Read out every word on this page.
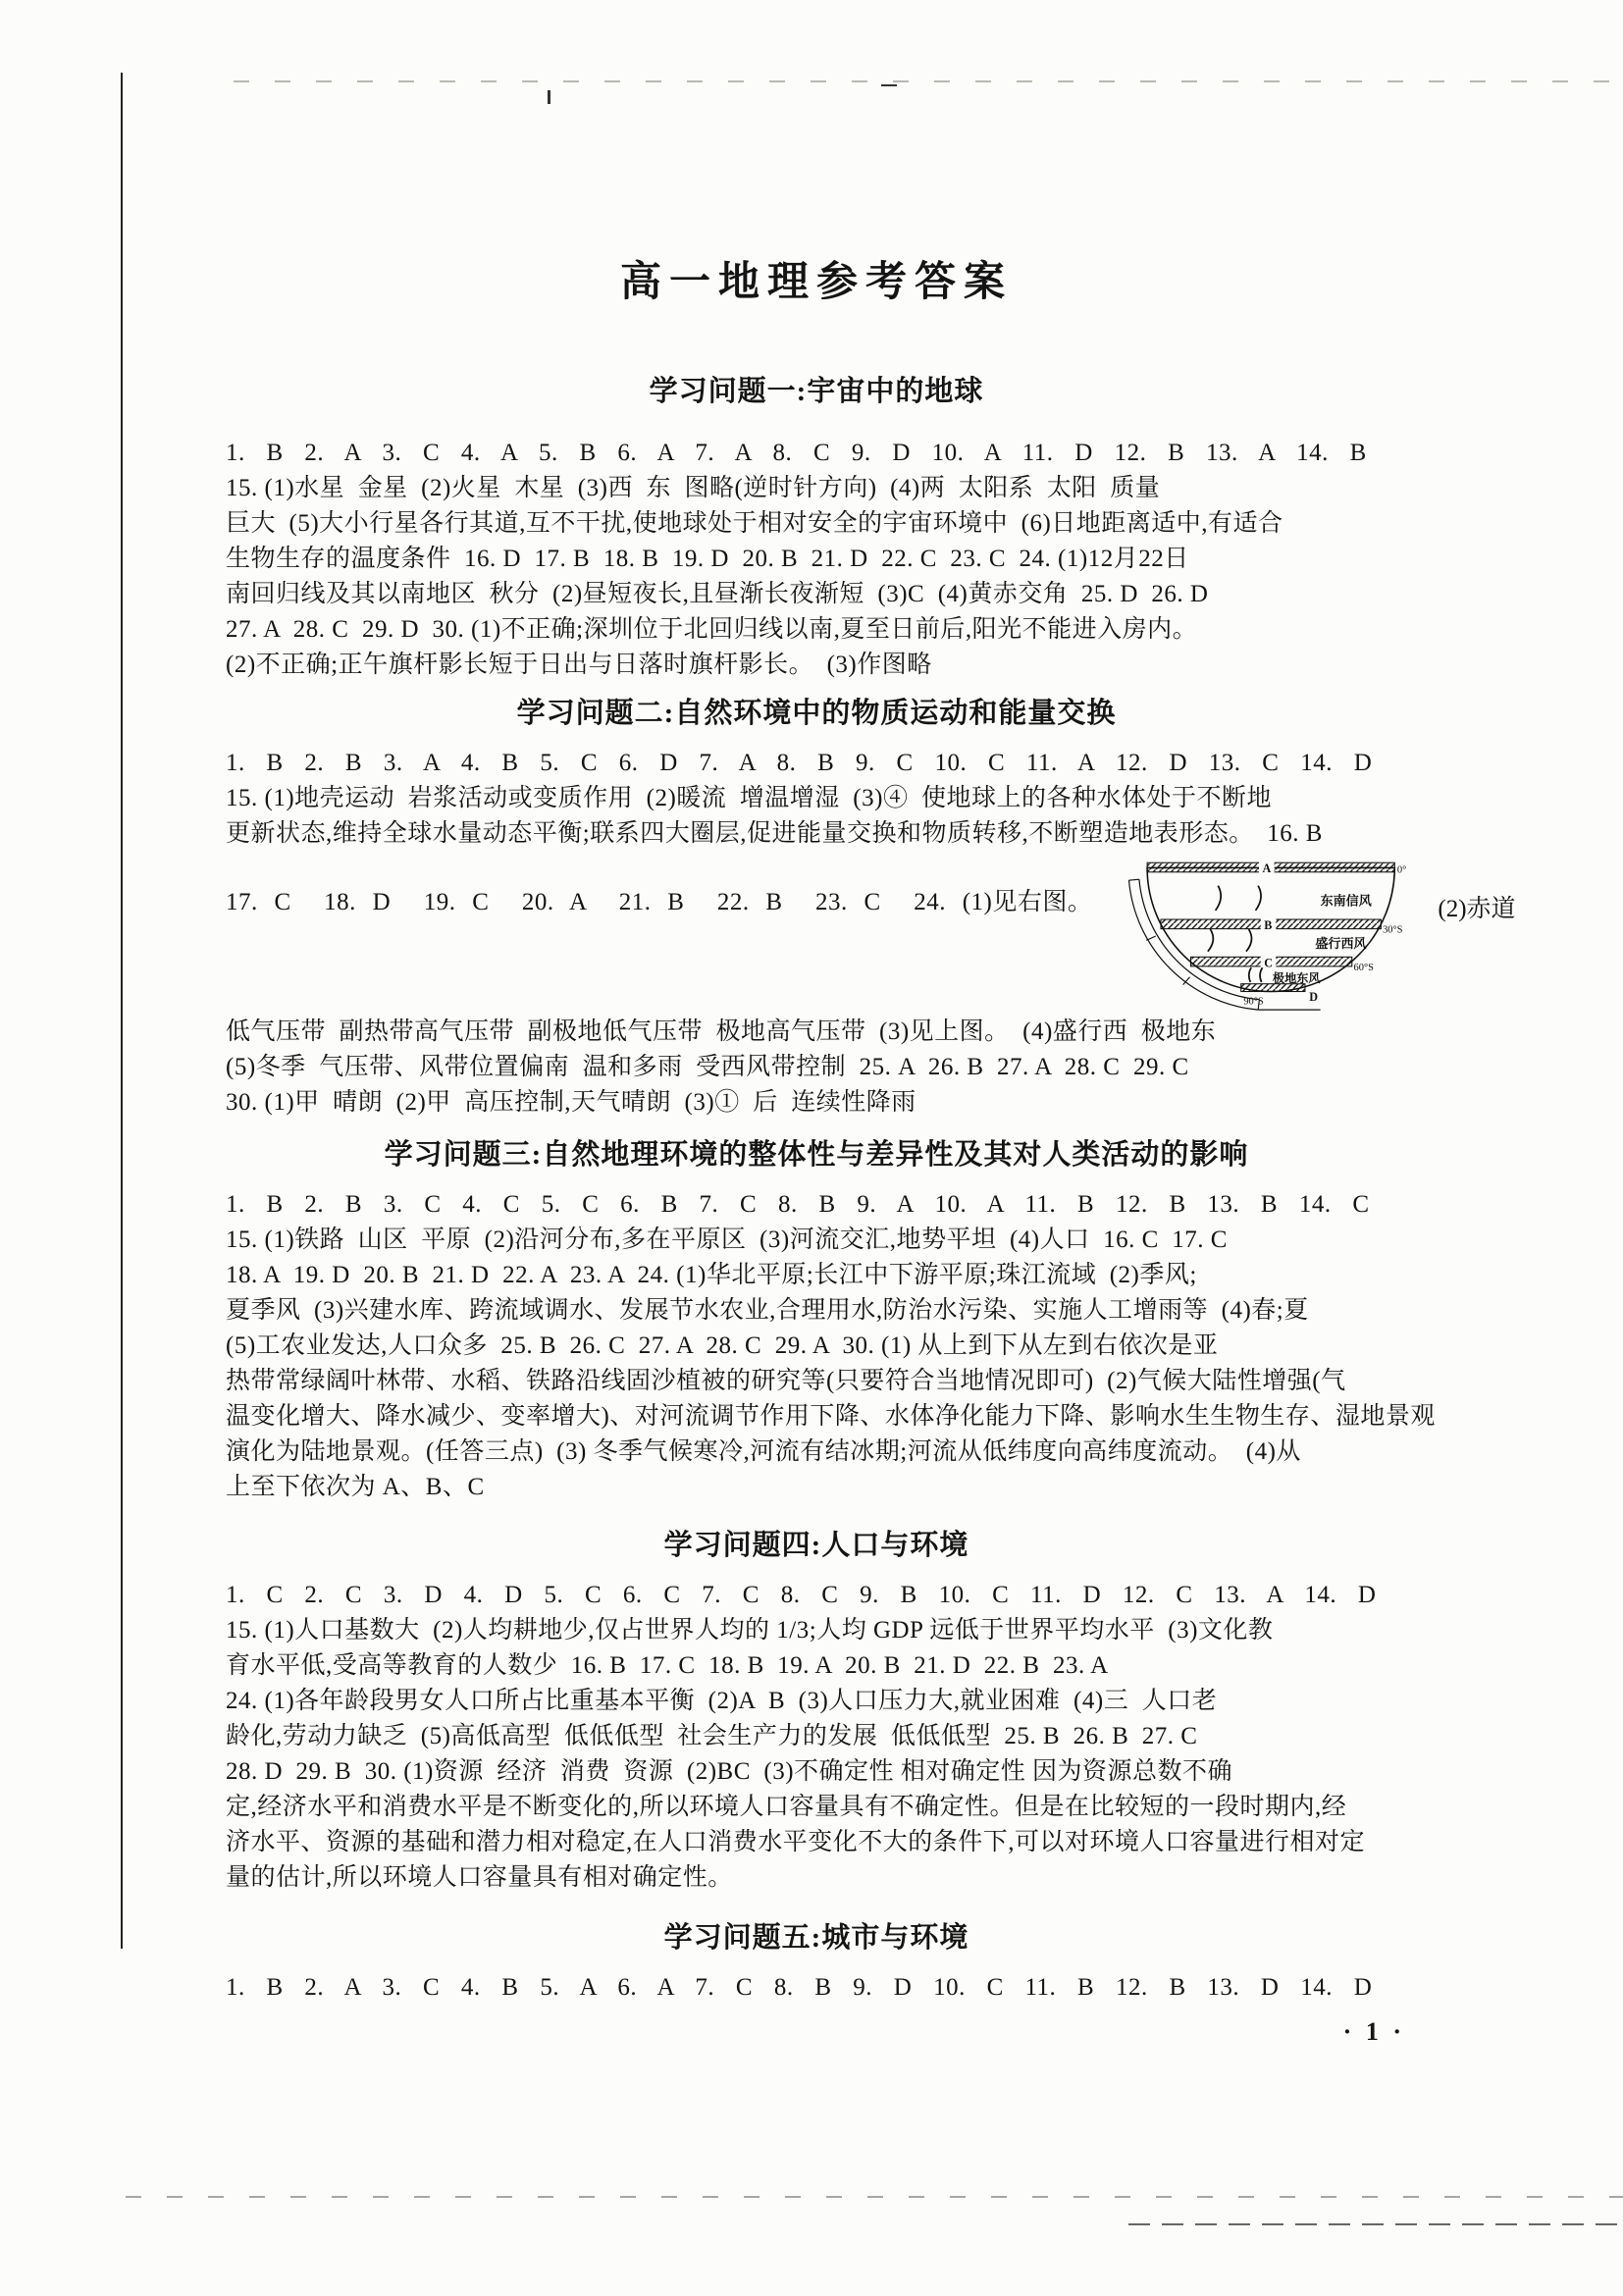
高一地理参考答案
学习问题一:宇宙中的地球
1. B 2. A 3. C 4. A 5. B 6. A 7. A 8. C 9. D 10. A 11. D 12. B 13. A 14. B
15. (1)水星  金星  (2)火星  木星  (3)西  东  图略(逆时针方向)  (4)两  太阳系  太阳  质量
巨大  (5)大小行星各行其道,互不干扰,使地球处于相对安全的宇宙环境中  (6)日地距离适中,有适合
生物生存的温度条件  16. D  17. B  18. B  19. D  20. B  21. D  22. C  23. C  24. (1)12月22日
南回归线及其以南地区  秋分  (2)昼短夜长,且昼渐长夜渐短  (3)C  (4)黄赤交角  25. D  26. D
27. A  28. C  29. D  30. (1)不正确;深圳位于北回归线以南,夏至日前后,阳光不能进入房内。
(2)不正确;正午旗杆影长短于日出与日落时旗杆影长。  (3)作图略
学习问题二:自然环境中的物质运动和能量交换
1. B 2. B 3. A 4. B 5. C 6. D 7. A 8. B 9. C 10. C 11. A 12. D 13. C 14. D
15. (1)地壳运动  岩浆活动或变质作用  (2)暖流  增温增湿  (3)④  使地球上的各种水体处于不断地
更新状态,维持全球水量动态平衡;联系四大圈层,促进能量交换和物质转移,不断塑造地表形态。  16. B
17. C  18. D  19. C  20. A  21. B  22. B  23. C  24. (1)见右图。
A
B
C
D
0°
30°S
60°S
90°S
东南信风
盛行西风
极地东风
(2)赤道
低气压带  副热带高气压带  副极地低气压带  极地高气压带  (3)见上图。  (4)盛行西  极地东
(5)冬季  气压带、风带位置偏南  温和多雨  受西风带控制  25. A  26. B  27. A  28. C  29. C
30. (1)甲  晴朗  (2)甲  高压控制,天气晴朗  (3)①  后  连续性降雨
学习问题三:自然地理环境的整体性与差异性及其对人类活动的影响
1. B 2. B 3. C 4. C 5. C 6. B 7. C 8. B 9. A 10. A 11. B 12. B 13. B 14. C
15. (1)铁路  山区  平原  (2)沿河分布,多在平原区  (3)河流交汇,地势平坦  (4)人口  16. C  17. C
18. A  19. D  20. B  21. D  22. A  23. A  24. (1)华北平原;长江中下游平原;珠江流域  (2)季风;
夏季风  (3)兴建水库、跨流域调水、发展节水农业,合理用水,防治水污染、实施人工增雨等  (4)春;夏
(5)工农业发达,人口众多  25. B  26. C  27. A  28. C  29. A  30. (1) 从上到下从左到右依次是亚
热带常绿阔叶林带、水稻、铁路沿线固沙植被的研究等(只要符合当地情况即可)  (2)气候大陆性增强(气
温变化增大、降水减少、变率增大)、对河流调节作用下降、水体净化能力下降、影响水生生物生存、湿地景观
演化为陆地景观。(任答三点)  (3) 冬季气候寒冷,河流有结冰期;河流从低纬度向高纬度流动。  (4)从
上至下依次为 A、B、C
学习问题四:人口与环境
1. C 2. C 3. D 4. D 5. C 6. C 7. C 8. C 9. B 10. C 11. D 12. C 13. A 14. D
15. (1)人口基数大  (2)人均耕地少,仅占世界人均的 1/3;人均 GDP 远低于世界平均水平  (3)文化教
育水平低,受高等教育的人数少  16. B  17. C  18. B  19. A  20. B  21. D  22. B  23. A
24. (1)各年龄段男女人口所占比重基本平衡  (2)A  B  (3)人口压力大,就业困难  (4)三  人口老
龄化,劳动力缺乏  (5)高低高型  低低低型  社会生产力的发展  低低低型  25. B  26. B  27. C
28. D  29. B  30. (1)资源  经济  消费  资源  (2)BC  (3)不确定性 相对确定性 因为资源总数不确
定,经济水平和消费水平是不断变化的,所以环境人口容量具有不确定性。但是在比较短的一段时期内,经
济水平、资源的基础和潜力相对稳定,在人口消费水平变化不大的条件下,可以对环境人口容量进行相对定
量的估计,所以环境人口容量具有相对确定性。
学习问题五:城市与环境
1. B 2. A 3. C 4. B 5. A 6. A 7. C 8. B 9. D 10. C 11. B 12. B 13. D 14. D
· 1 ·
